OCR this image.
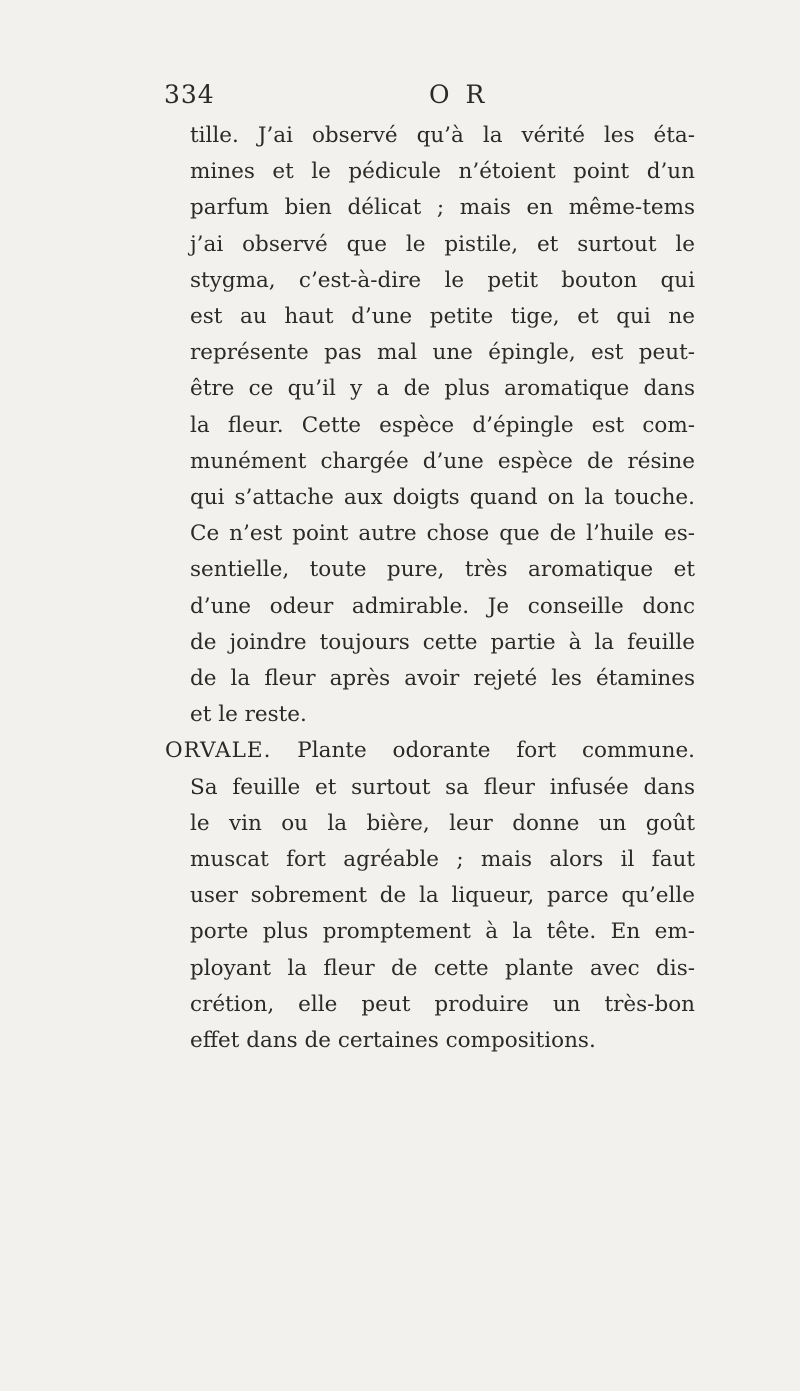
334	O R
tille. J’ai observé qu’à la vérité les éta-
mines et le pédicule n’étoient point d’un
parfum bien délicat ; mais en même-tems
j’ai observé que le pistile, et surtout le
stygma, c’est-à-dire le petit bouton qui
est au haut d’une petite tige, et qui ne
représente pas mal une épingle, est peut-
être ce qu’il y a de plus aromatique dans
la fleur. Cette espèce d’épingle est com-
munément chargée d’une espèce de résine
qui s’attache aux doigts quand on la touche.
Ce n’est point autre chose que de l’huile es-
sentielle, toute pure, très aromatique et
d’une odeur admirable. Je conseille donc
de joindre toujours cette partie à la feuille
de la fleur après avoir rejeté les étamines
et le reste.
ORVALE. Plante odorante fort commune.
Sa feuille et surtout sa fleur infusée dans
le vin ou la bière, leur donne un goût
muscat fort agréable ; mais alors il faut
user sobrement de la liqueur, parce qu’elle
porte plus promptement à la tête. En em-
ployant la fleur de cette plante avec dis-
crétion, elle peut produire un très-bon
effet dans de certaines compositions.
